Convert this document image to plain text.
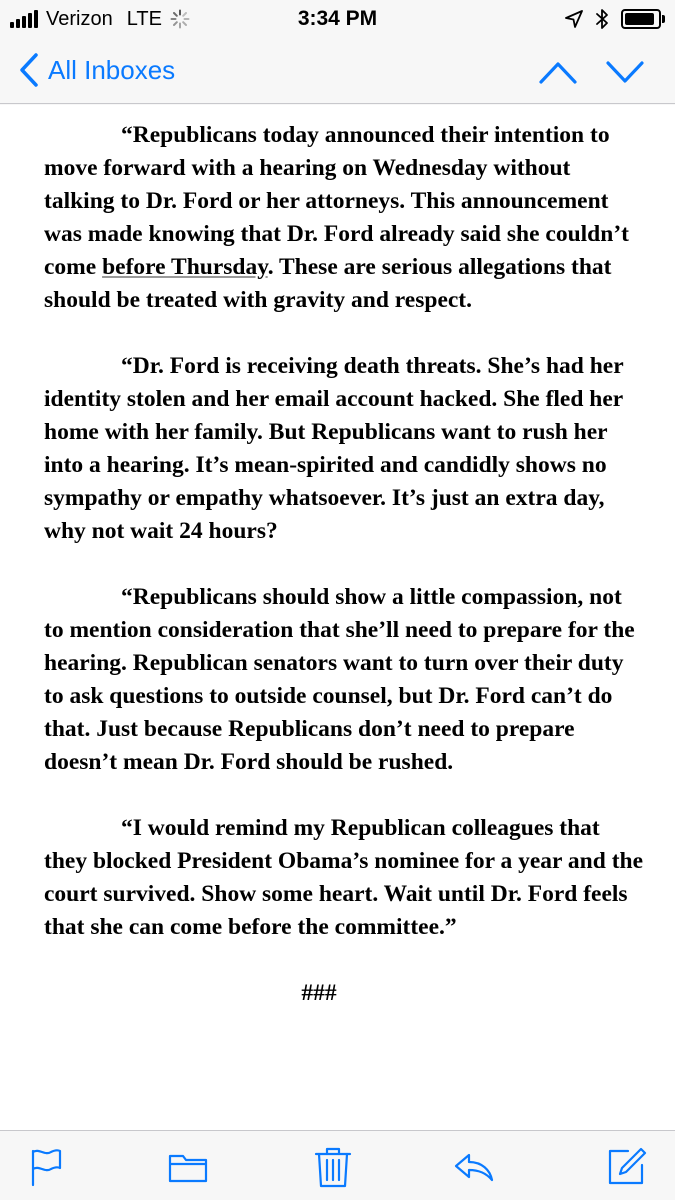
Verizon LTE	3:34 PM
All Inboxes

“Republicans today announced their intention to move forward with a hearing on Wednesday without talking to Dr. Ford or her attorneys. This announcement was made knowing that Dr. Ford already said she couldn’t come before Thursday. These are serious allegations that should be treated with gravity and respect.

“Dr. Ford is receiving death threats. She’s had her identity stolen and her email account hacked. She fled her home with her family. But Republicans want to rush her into a hearing. It’s mean-spirited and candidly shows no sympathy or empathy whatsoever. It’s just an extra day, why not wait 24 hours?

“Republicans should show a little compassion, not to mention consideration that she’ll need to prepare for the hearing. Republican senators want to turn over their duty to ask questions to outside counsel, but Dr. Ford can’t do that. Just because Republicans don’t need to prepare doesn’t mean Dr. Ford should be rushed.

“I would remind my Republican colleagues that they blocked President Obama’s nominee for a year and the court survived. Show some heart. Wait until Dr. Ford feels that she can come before the committee.”

###
